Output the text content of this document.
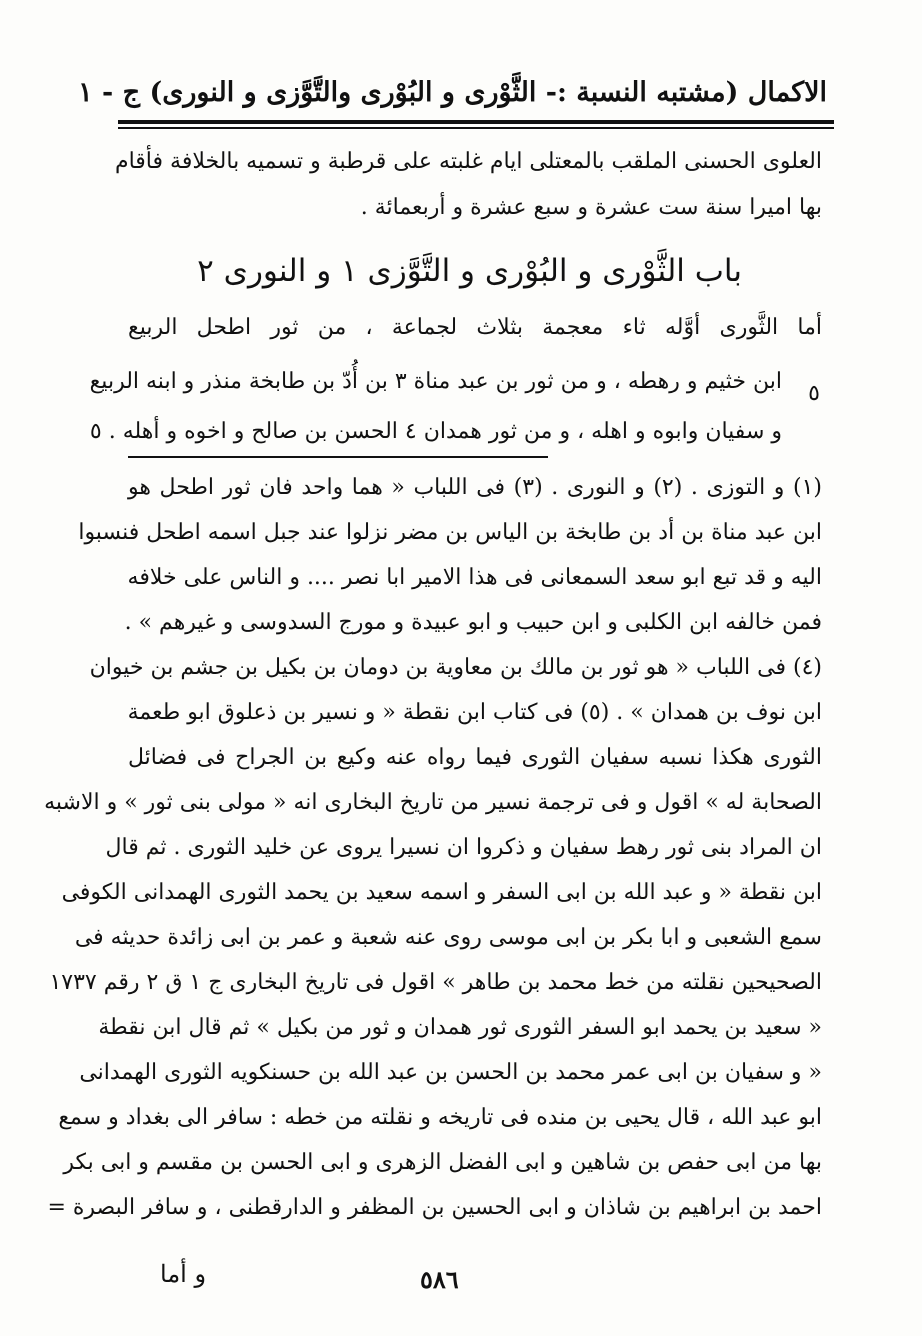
الاكمال (مشتبه النسبة :- الثَّوْرى و البُوْرى والتَّوَّزى و النورى) ج - ١
العلوى الحسنى الملقب بالمعتلى ايام غلبته على قرطبة و تسميه بالخلافة فأقام
بها اميرا سنة ست عشرة و سبع عشرة و أربعمائة .
باب الثَّوْرى و البُوْرى و التَّوَّزى ١ و النورى ٢
أما الثَّورى أوَّله ثاء معجمة بثلاث لجماعة ، من ثور اطحل الربيع
ابن خثيم و رهطه ، و من ثور بن عبد مناة ٣ بن أُدّ بن طابخة منذر و ابنه الربيع ٥
و سفيان وابوه و اهله ، و من ثور همدان ٤ الحسن بن صالح و اخوه و أهله . ٥
(١) و التوزى . (٢) و النورى . (٣) فى اللباب « هما واحد فان ثور اطحل هو
ابن عبد مناة بن أد بن طابخة بن الياس بن مضر نزلوا عند جبل اسمه اطحل فنسبوا
اليه و قد تبع ابو سعد السمعانى فى هذا الامير ابا نصر .... و الناس على خلافه
فمن خالفه ابن الكلبى و ابن حبيب و ابو عبيدة و مورج السدوسى و غيرهم » .
(٤) فى اللباب « هو ثور بن مالك بن معاوية بن دومان بن بكيل بن جشم بن خيوان
ابن نوف بن همدان » . (٥) فى كتاب ابن نقطة « و نسير بن ذعلوق ابو طعمة
الثورى هكذا نسبه سفيان الثورى فيما رواه عنه وكيع بن الجراح فى فضائل
الصحابة له » اقول و فى ترجمة نسير من تاريخ البخارى انه « مولى بنى ثور » و الاشبه
ان المراد بنى ثور رهط سفيان و ذكروا ان نسيرا يروى عن خليد الثورى . ثم قال
ابن نقطة « و عبد الله بن ابى السفر و اسمه سعيد بن يحمد الثورى الهمدانى الكوفى
سمع الشعبى و ابا بكر بن ابى موسى روى عنه شعبة و عمر بن ابى زائدة حديثه فى
الصحيحين نقلته من خط محمد بن طاهر » اقول فى تاريخ البخارى ج ١ ق ٢ رقم ١٧٣٧
« سعيد بن يحمد ابو السفر الثورى ثور همدان و ثور من بكيل » ثم قال ابن نقطة
« و سفيان بن ابى عمر محمد بن الحسن بن عبد الله بن حسنكويه الثورى الهمدانى
ابو عبد الله ، قال يحيى بن منده فى تاريخه و نقلته من خطه : سافر الى بغداد و سمع
بها من ابى حفص بن شاهين و ابى الفضل الزهرى و ابى الحسن بن مقسم و ابى بكر
احمد بن ابراهيم بن شاذان و ابى الحسين بن المظفر و الدارقطنى ، و سافر البصرة =
٥٨٦
و أما
